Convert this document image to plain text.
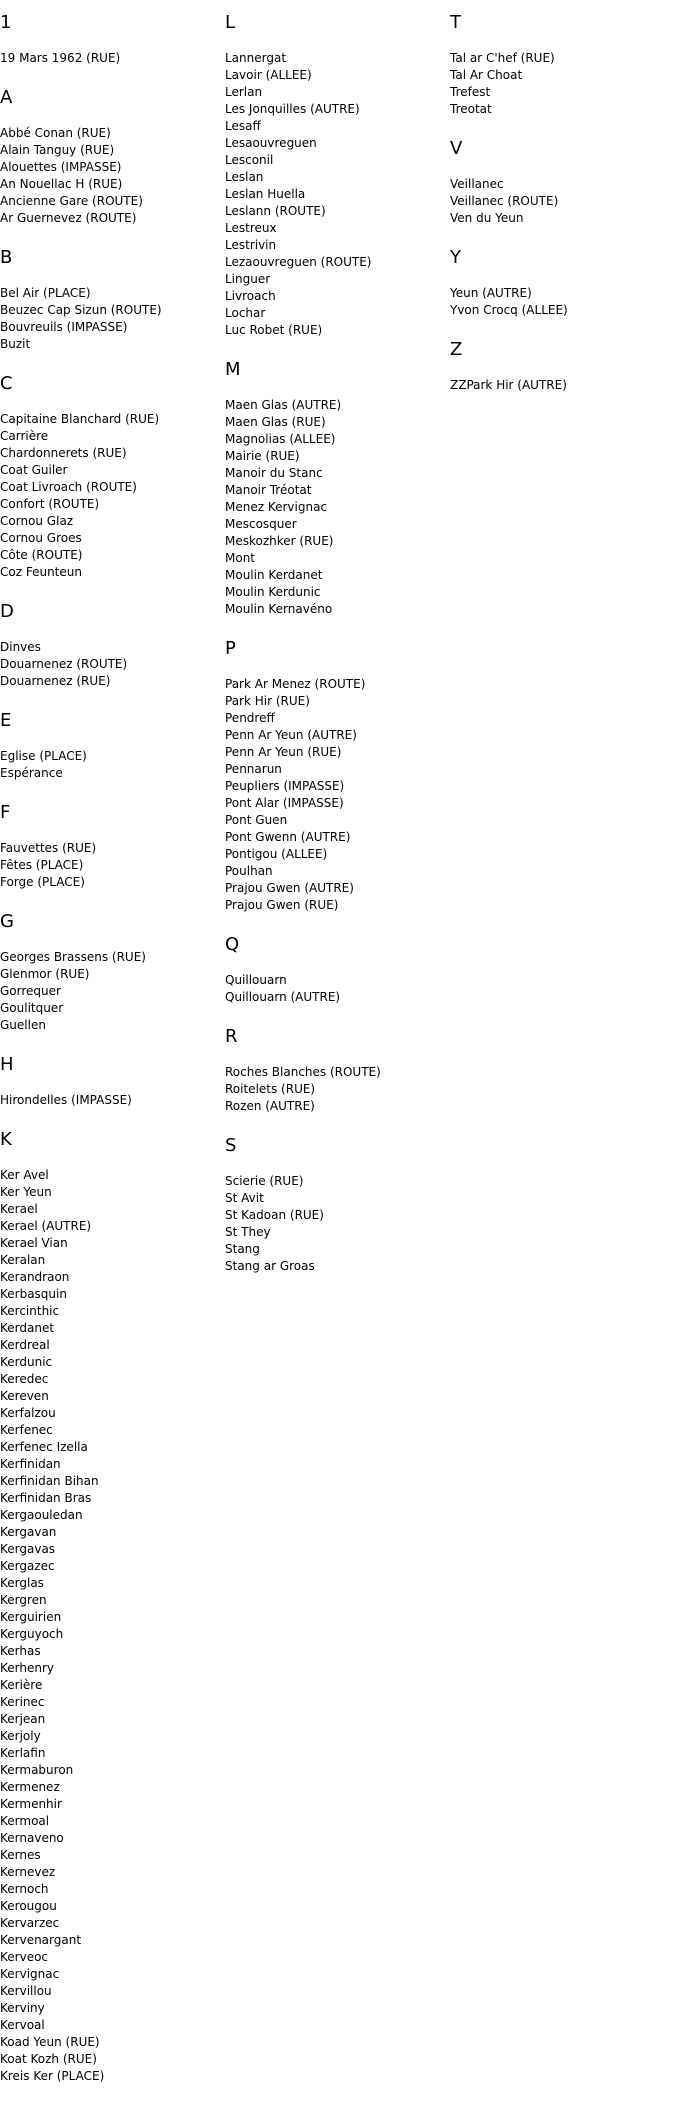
1
19 Mars 1962 (RUE)
A
Abbé Conan (RUE)
Alain Tanguy (RUE)
Alouettes (IMPASSE)
An Nouellac H (RUE)
Ancienne Gare (ROUTE)
Ar Guernevez (ROUTE)
B
Bel Air (PLACE)
Beuzec Cap Sizun (ROUTE)
Bouvreuils (IMPASSE)
Buzit
C
Capitaine Blanchard (RUE)
Carrière
Chardonnerets (RUE)
Coat Guiler
Coat Livroach (ROUTE)
Confort (ROUTE)
Cornou Glaz
Cornou Groes
Côte (ROUTE)
Coz Feunteun
D
Dinves
Douarnenez (ROUTE)
Douarnenez (RUE)
E
Eglise (PLACE)
Espérance
F
Fauvettes (RUE)
Fêtes (PLACE)
Forge (PLACE)
G
Georges Brassens (RUE)
Glenmor (RUE)
Gorrequer
Goulitquer
Guellen
H
Hirondelles (IMPASSE)
K
Ker Avel
Ker Yeun
Kerael
Kerael (AUTRE)
Kerael Vian
Keralan
Kerandraon
Kerbasquin
Kercinthic
Kerdanet
Kerdreal
Kerdunic
Keredec
Kereven
Kerfalzou
Kerfenec
Kerfenec Izella
Kerfinidan
Kerfinidan Bihan
Kerfinidan Bras
Kergaouledan
Kergavan
Kergavas
Kergazec
Kerglas
Kergren
Kerguirien
Kerguyoch
Kerhas
Kerhenry
Kerière
Kerinec
Kerjean
Kerjoly
Kerlafin
Kermaburon
Kermenez
Kermenhir
Kermoal
Kernaveno
Kernes
Kernevez
Kernoch
Kerougou
Kervarzec
Kervenargant
Kerveoc
Kervignac
Kervillou
Kerviny
Kervoal
Koad Yeun (RUE)
Koat Kozh (RUE)
Kreis Ker (PLACE)
L
Lannergat
Lavoir (ALLEE)
Lerlan
Les Jonquilles (AUTRE)
Lesaff
Lesaouvreguen
Lesconil
Leslan
Leslan Huella
Leslann (ROUTE)
Lestreux
Lestrivin
Lezaouvreguen (ROUTE)
Linguer
Livroach
Lochar
Luc Robet (RUE)
M
Maen Glas (AUTRE)
Maen Glas (RUE)
Magnolias (ALLEE)
Mairie (RUE)
Manoir du Stanc
Manoir Tréotat
Menez Kervignac
Mescosquer
Meskozhker (RUE)
Mont
Moulin Kerdanet
Moulin Kerdunic
Moulin Kernavéno
P
Park Ar Menez (ROUTE)
Park Hir (RUE)
Pendreff
Penn Ar Yeun (AUTRE)
Penn Ar Yeun (RUE)
Pennarun
Peupliers (IMPASSE)
Pont Alar (IMPASSE)
Pont Guen
Pont Gwenn (AUTRE)
Pontigou (ALLEE)
Poulhan
Prajou Gwen (AUTRE)
Prajou Gwen (RUE)
Q
Quillouarn
Quillouarn (AUTRE)
R
Roches Blanches (ROUTE)
Roitelets (RUE)
Rozen (AUTRE)
S
Scierie (RUE)
St Avit
St Kadoan (RUE)
St They
Stang
Stang ar Groas
T
Tal ar C'hef (RUE)
Tal Ar Choat
Trefest
Treotat
V
Veillanec
Veillanec (ROUTE)
Ven du Yeun
Y
Yeun (AUTRE)
Yvon Crocq (ALLEE)
Z
ZZPark Hir (AUTRE)
